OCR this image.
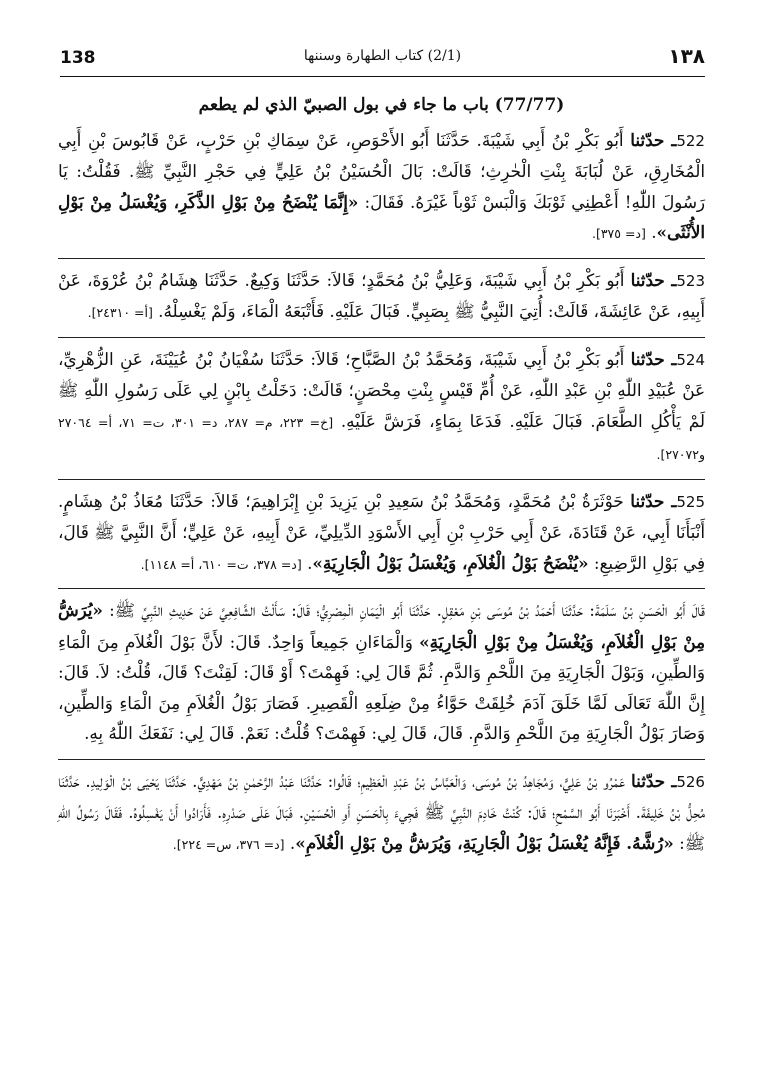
138	(2/1) كتاب الطهارة وسننها	١٣٨
(77/77) باب ما جاء في بول الصبيّ الذي لم يطعم

522ـ حدّثنا أَبُو بَكْرِ بْنُ أَبِي شَيْبَةَ. حَدَّثَنَا أَبُو الأَحْوَصِ، عَنْ سِمَاكِ بْنِ حَرْبٍ، عَنْ قَابُوسَ بْنِ أَبِي الْمُخَارِقِ، عَنْ لُبَابَةَ بِنْتِ الْحٰرِثِ؛ قَالَتْ: بَالَ الْحُسَيْنُ بْنُ عَلِيٍّ فِي حَجْرِ النَّبِيِّ ﷺ. فَقُلْتُ: يَا رَسُولَ اللّٰهِ! أَعْطِنِي ثَوْبَكَ وَالْبَسْ ثَوْباً غَيْرَهُ. فَقَالَ: «إِنَّمَا يُنْضَحُ مِنْ بَوْلِ الذَّكَرِ، وَيُغْسَلُ مِنْ بَوْلِ الأُنْثَى». [د= ٣٧٥].

523ـ حدّثنا أَبُو بَكْرِ بْنُ أَبِي شَيْبَةَ، وَعَلِيُّ بْنُ مُحَمَّدٍ؛ قَالاَ: حَدَّثَنَا وَكِيعٌ. حَدَّثَنَا هِشَامُ بْنُ عُرْوَةَ، عَنْ أَبِيهِ، عَنْ عَائِشَةَ، قَالَتْ: أُتِيَ النَّبِيُّ ﷺ بِصَبِيٍّ. فَبَالَ عَلَيْهِ. فَأَتْبَعَهُ الْمَاءَ، وَلَمْ يَغْسِلْهُ. [أ= ٢٤٣١٠].

524ـ حدّثنا أَبُو بَكْرِ بْنُ أَبِي شَيْبَةَ، وَمُحَمَّدُ بْنُ الصَّبَّاحِ؛ قَالاَ: حَدَّثَنَا سُفْيَانُ بْنُ عُيَيْنَةَ، عَنِ الزُّهْرِيِّ، عَنْ عُبَيْدِ اللّٰهِ بْنِ عَبْدِ اللّٰهِ، عَنْ أُمِّ قَيْسٍ بِنْتِ مِحْصَنٍ؛ قَالَتْ: دَخَلْتُ بِابْنٍ لِي عَلَى رَسُولِ اللّٰهِ ﷺ لَمْ يَأْكُلِ الطَّعَامَ. فَبَالَ عَلَيْهِ. فَدَعَا بِمَاءٍ، فَرَشَّ عَلَيْهِ. [خ= ٢٢٣، م= ٢٨٧، د= ٣٠١، ت= ٧١، أ= ٢٧٠٦٤ و٢٧٠٧٢].

525ـ حدّثنا حَوْثَرَةُ بْنُ مُحَمَّدٍ، وَمُحَمَّدُ بْنُ سَعِيدِ بْنِ يَزِيدَ بْنِ إِبْرَاهِيمَ؛ قَالاَ: حَدَّثَنَا مُعَاذُ بْنُ هِشَامٍ. أَنْبَأَنَا أَبِي، عَنْ قَتَادَةَ، عَنْ أَبِي حَرْبِ بْنِ أَبِي الأَسْوَدِ الدِّيلِيِّ، عَنْ أَبِيهِ، عَنْ عَلِيٍّ؛ أَنَّ النَّبِيَّ ﷺ قَالَ، فِي بَوْلِ الرَّضِيعِ: «يُنْضَحُ بَوْلُ الْغُلاَمِ، وَيُغْسَلُ بَوْلُ الْجَارِيَةِ». [د= ٣٧٨، ت= ٦١٠، أ= ١١٤٨].

قَالَ أَبُو الْحَسَنِ بْنُ سَلَمَةَ: حَدَّثَنَا أَحْمَدُ بْنُ مُوسَى بْنِ مَعْقِلٍ. حَدَّثَنَا أَبُو الْيَمَانِ الْمِصْرِيُّ؛ قَالَ: سَأَلْتُ الشَّافِعِيَّ عَنْ حَدِيثِ النَّبِيِّ ﷺ: «يُرَشُّ مِنْ بَوْلِ الْغُلاَمِ، وَيُغْسَلُ مِنْ بَوْلِ الْجَارِيَةِ» وَالْمَاءَانِ جَمِيعاً وَاحِدٌ. قَالَ: لأَنَّ بَوْلَ الْغُلاَمِ مِنَ الْمَاءِ وَالطِّينِ، وَبَوْلَ الْجَارِيَةِ مِنَ اللَّحْمِ وَالدَّمِ. ثُمَّ قَالَ لِي: فَهِمْتَ؟ أَوْ قَالَ: لَقِنْتَ؟ قَالَ، قُلْتُ: لاَ. قَالَ: إِنَّ اللّٰهَ تَعَالَى لَمَّا خَلَقَ آدَمَ خُلِقَتْ حَوَّاءُ مِنْ ضِلَعِهِ الْقَصِيرِ. فَصَارَ بَوْلُ الْغُلاَمِ مِنَ الْمَاءِ وَالطِّينِ، وَصَارَ بَوْلُ الْجَارِيَةِ مِنَ اللَّحْمِ وَالدَّمِ. قَالَ، قَالَ لِي: فَهِمْتَ؟ قُلْتُ: نَعَمْ. قَالَ لِي: نَفَعَكَ اللّٰهُ بِهِ.

526ـ حدّثنا عَمْرُو بْنُ عَلِيٍّ، وَمُجَاهِدُ بْنُ مُوسَى، وَالْعَبَّاسُ بْنُ عَبْدِ الْعَظِيمِ؛ قَالُوا: حَدَّثَنَا عَبْدُ الرَّحْمٰنِ بْنُ مَهْدِيٍّ. حَدَّثَنَا يَحْيَى بْنُ الْوَلِيدِ. حَدَّثَنَا مُحِلُّ بْنُ خَلِيفَةَ. أَخْبَرَنَا أَبُو السَّمْحِ؛ قَالَ: كُنْتُ خَادِمَ النَّبِيِّ ﷺ فَجِيءَ بِالْحَسَنِ أَوِ الْحُسَيْنِ. فَبَالَ عَلَى صَدْرِهِ. فَأَرَادُوا أَنْ يَغْسِلُوهُ. فَقَالَ رَسُولُ اللّٰهِ ﷺ: «رُشَّهُ. فَإِنَّهُ يُغْسَلُ بَوْلُ الْجَارِيَةِ، وَيُرَشُّ مِنْ بَوْلِ الْغُلاَمِ». [د= ٣٧٦، س= ٢٢٤].
